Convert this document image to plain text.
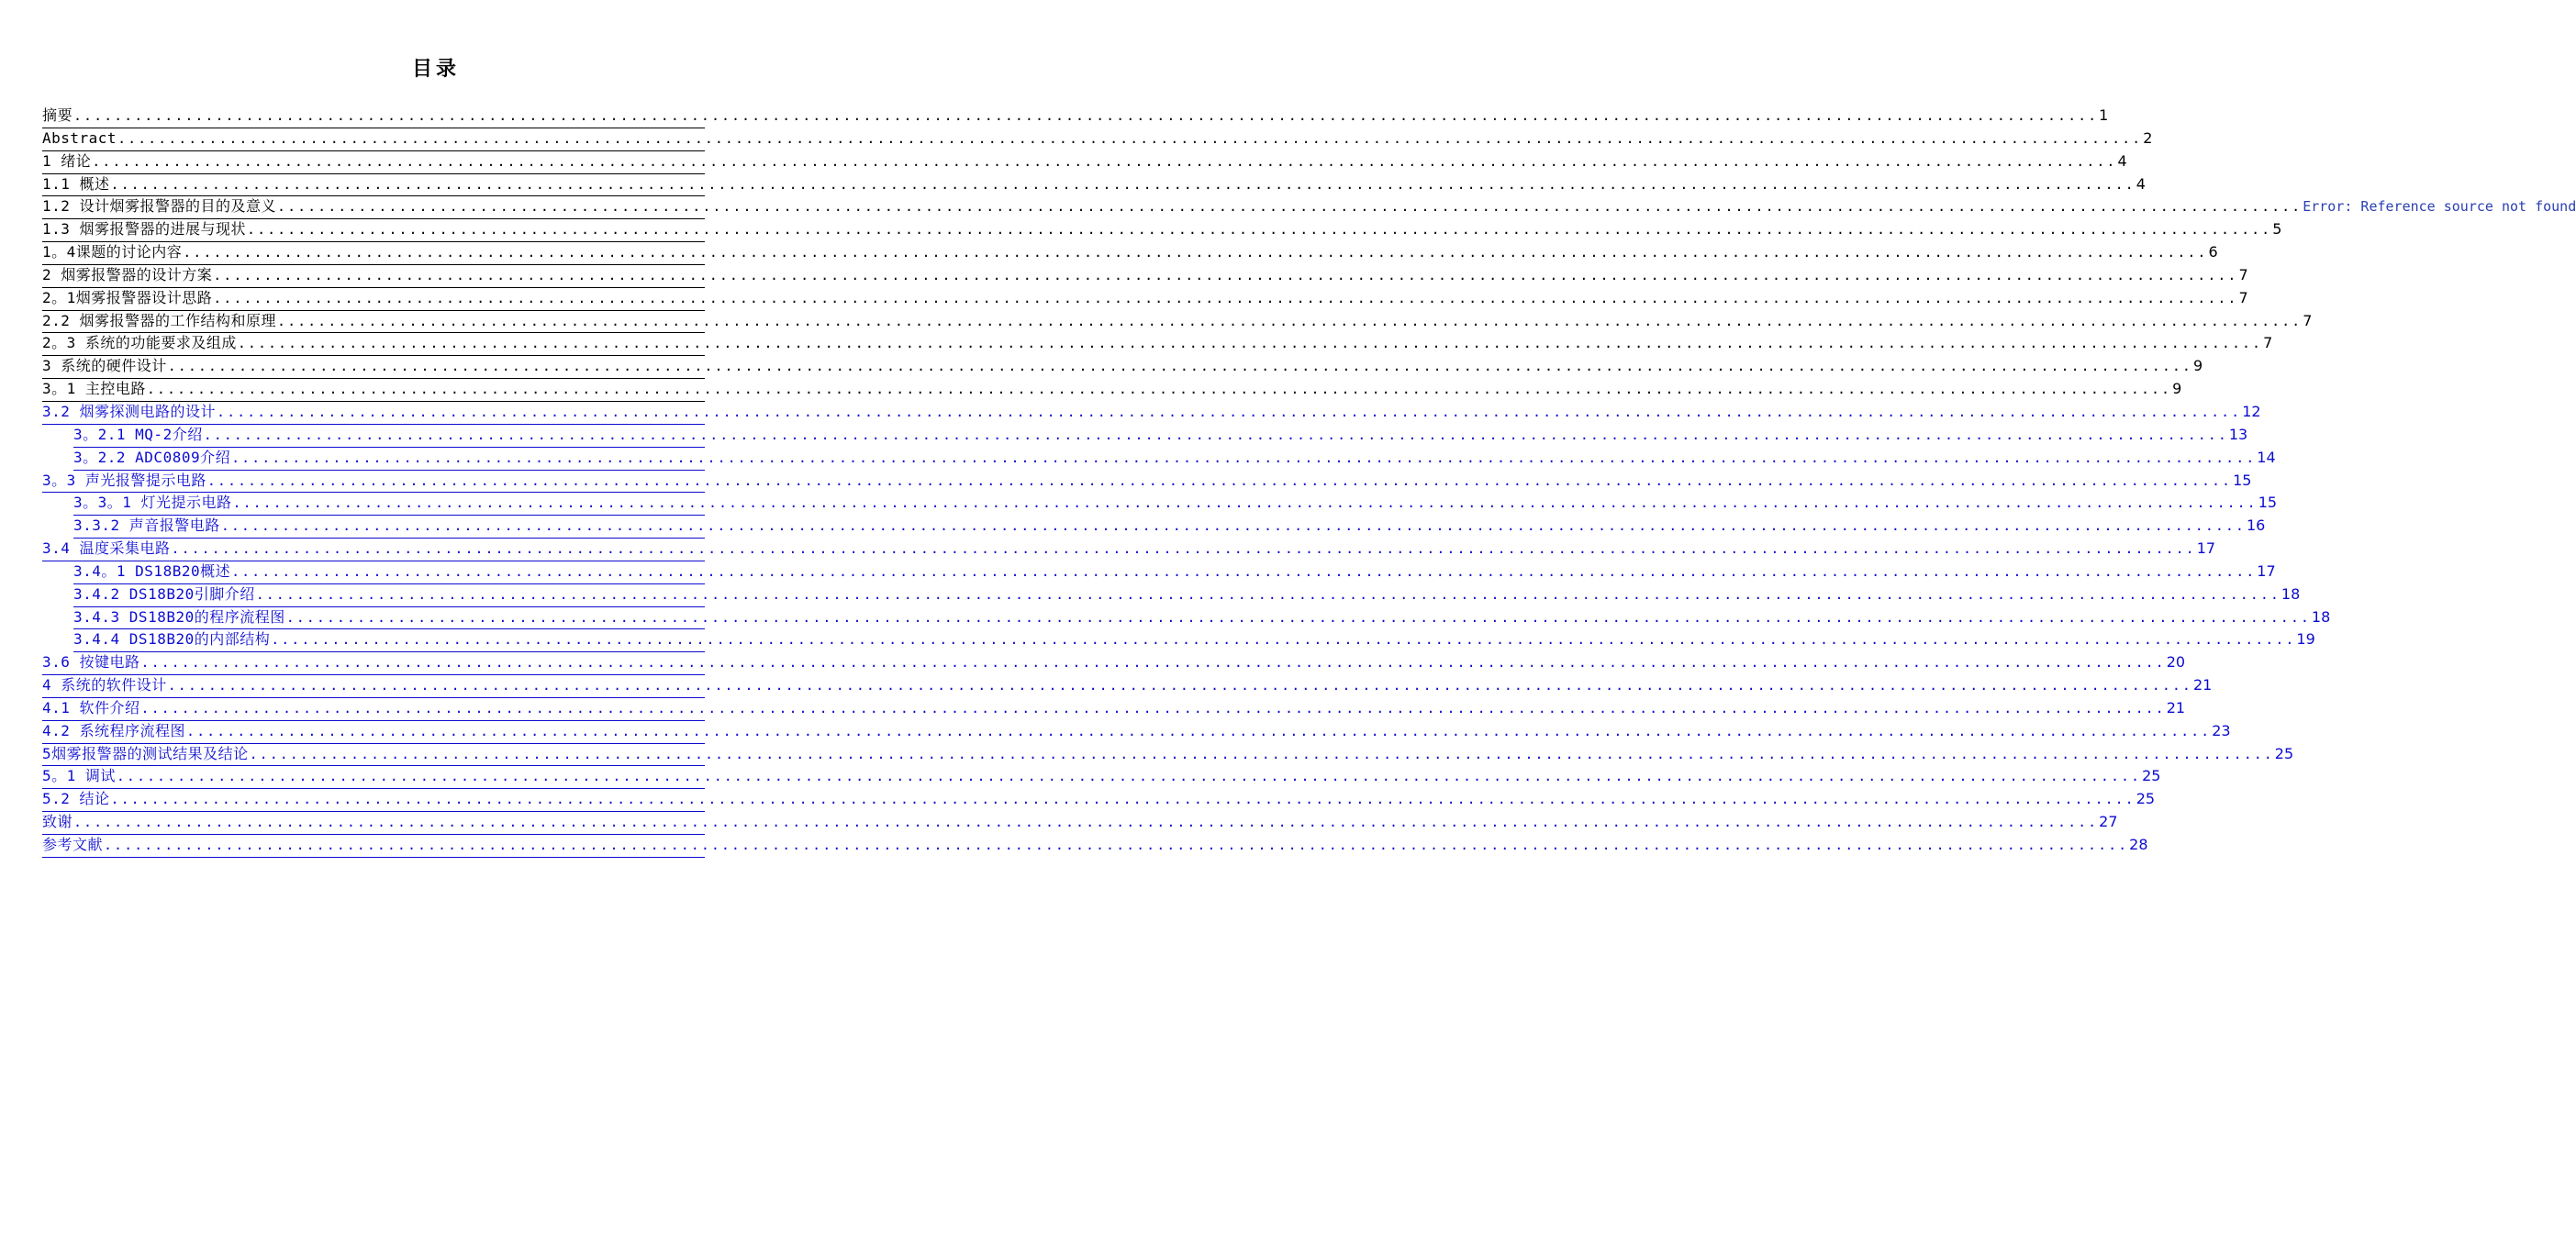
目录
摘要 ........................................................................................................................................................................................................ 1
Abstract ........................................................................................................................................................................................................ 2
1 绪论 ........................................................................................................................................................................................................ 4
1.1 概述 ........................................................................................................................................................................................................ 4
1.2 设计烟雾报警器的目的及意义 ........................................................................................................................................................................................................ Error: Reference source not found
1.3 烟雾报警器的进展与现状 ........................................................................................................................................................................................................ 5
1。4课题的讨论内容 ........................................................................................................................................................................................................ 6
2 烟雾报警器的设计方案 ........................................................................................................................................................................................................ 7
2。1烟雾报警器设计思路 ........................................................................................................................................................................................................ 7
2.2 烟雾报警器的工作结构和原理 ........................................................................................................................................................................................................ 7
2。3 系统的功能要求及组成 ........................................................................................................................................................................................................ 7
3 系统的硬件设计 ........................................................................................................................................................................................................ 9
3。1 主控电路 ........................................................................................................................................................................................................ 9
3.2 烟雾探测电路的设计 ........................................................................................................................................................................................................ 12
3。2.1 MQ-2介绍 ........................................................................................................................................................................................................ 13
3。2.2 ADC0809介绍 ........................................................................................................................................................................................................ 14
3。3 声光报警提示电路 ........................................................................................................................................................................................................ 15
3。3。1 灯光提示电路 ........................................................................................................................................................................................................ 15
3.3.2 声音报警电路 ........................................................................................................................................................................................................ 16
3.4 温度采集电路 ........................................................................................................................................................................................................ 17
3.4。1 DS18B20概述 ........................................................................................................................................................................................................ 17
3.4.2 DS18B20引脚介绍 ........................................................................................................................................................................................................ 18
3.4.3 DS18B20的程序流程图 ........................................................................................................................................................................................................ 18
3.4.4 DS18B20的内部结构 ........................................................................................................................................................................................................ 19
3.6 按键电路 ........................................................................................................................................................................................................ 20
4 系统的软件设计 ........................................................................................................................................................................................................ 21
4.1 软件介绍 ........................................................................................................................................................................................................ 21
4.2 系统程序流程图 ........................................................................................................................................................................................................ 23
5烟雾报警器的测试结果及结论 ........................................................................................................................................................................................................ 25
5。1 调试 ........................................................................................................................................................................................................ 25
5.2 结论 ........................................................................................................................................................................................................ 25
致谢 ........................................................................................................................................................................................................ 27
参考文献 ........................................................................................................................................................................................................ 28
